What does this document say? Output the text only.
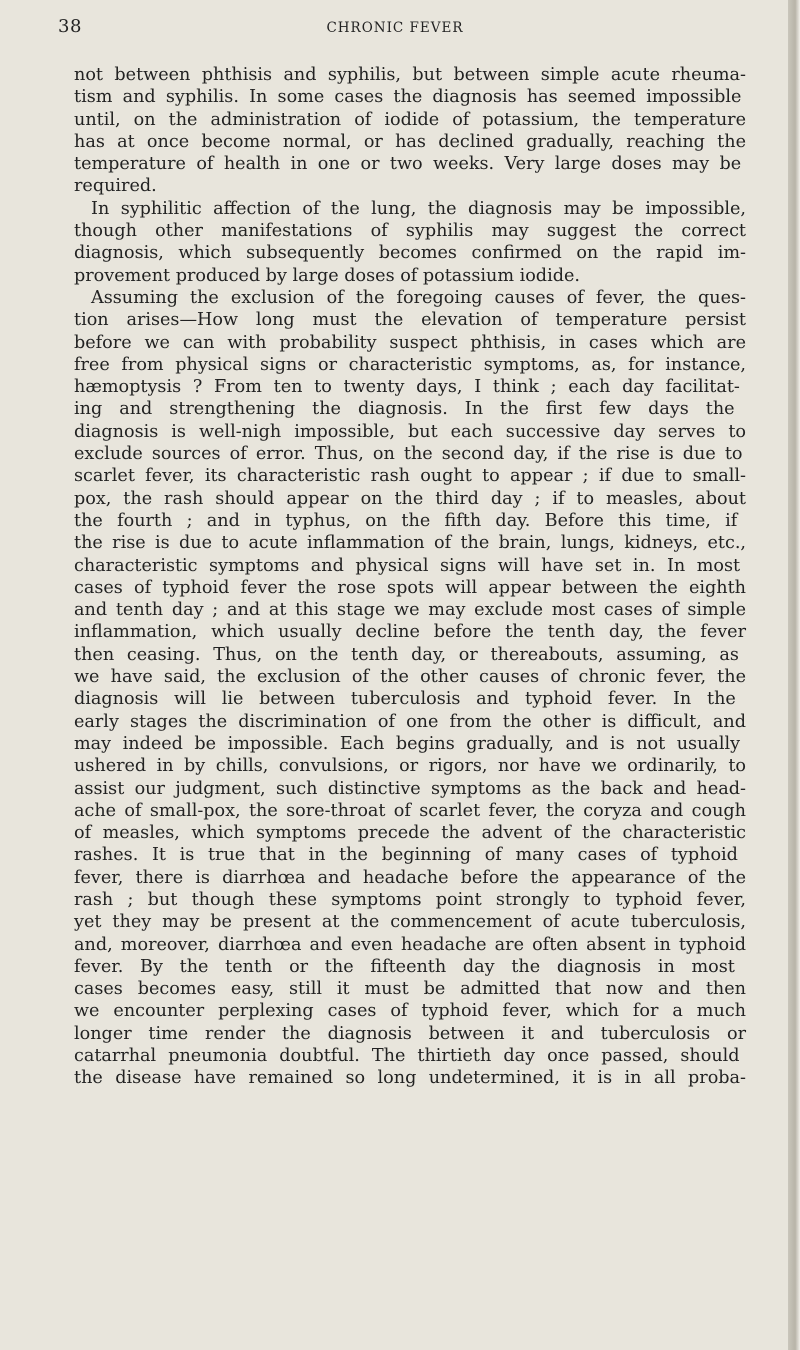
38	CHRONIC FEVER

not between phthisis and syphilis, but between simple acute rheuma-
tism and syphilis. In some cases the diagnosis has seemed impossible
until, on the administration of iodide of potassium, the temperature
has at once become normal, or has declined gradually, reaching the
temperature of health in one or two weeks. Very large doses may be
required.

In syphilitic affection of the lung, the diagnosis may be impossible,
though other manifestations of syphilis may suggest the correct
diagnosis, which subsequently becomes confirmed on the rapid im-
provement produced by large doses of potassium iodide.

Assuming the exclusion of the foregoing causes of fever, the ques-
tion arises—How long must the elevation of temperature persist
before we can with probability suspect phthisis, in cases which are
free from physical signs or characteristic symptoms, as, for instance,
hæmoptysis ? From ten to twenty days, I think ; each day facilitat-
ing and strengthening the diagnosis. In the first few days the
diagnosis is well-nigh impossible, but each successive day serves to
exclude sources of error. Thus, on the second day, if the rise is due to
scarlet fever, its characteristic rash ought to appear ; if due to small-
pox, the rash should appear on the third day ; if to measles, about
the fourth ; and in typhus, on the fifth day. Before this time, if
the rise is due to acute inflammation of the brain, lungs, kidneys, etc.,
characteristic symptoms and physical signs will have set in. In most
cases of typhoid fever the rose spots will appear between the eighth
and tenth day ; and at this stage we may exclude most cases of simple
inflammation, which usually decline before the tenth day, the fever
then ceasing. Thus, on the tenth day, or thereabouts, assuming, as
we have said, the exclusion of the other causes of chronic fever, the
diagnosis will lie between tuberculosis and typhoid fever. In the
early stages the discrimination of one from the other is difficult, and
may indeed be impossible. Each begins gradually, and is not usually
ushered in by chills, convulsions, or rigors, nor have we ordinarily, to
assist our judgment, such distinctive symptoms as the back and head-
ache of small-pox, the sore-throat of scarlet fever, the coryza and cough
of measles, which symptoms precede the advent of the characteristic
rashes. It is true that in the beginning of many cases of typhoid
fever, there is diarrhœa and headache before the appearance of the
rash ; but though these symptoms point strongly to typhoid fever,
yet they may be present at the commencement of acute tuberculosis,
and, moreover, diarrhœa and even headache are often absent in typhoid
fever. By the tenth or the fifteenth day the diagnosis in most
cases becomes easy, still it must be admitted that now and then
we encounter perplexing cases of typhoid fever, which for a much
longer time render the diagnosis between it and tuberculosis or
catarrhal pneumonia doubtful. The thirtieth day once passed, should
the disease have remained so long undetermined, it is in all proba-
